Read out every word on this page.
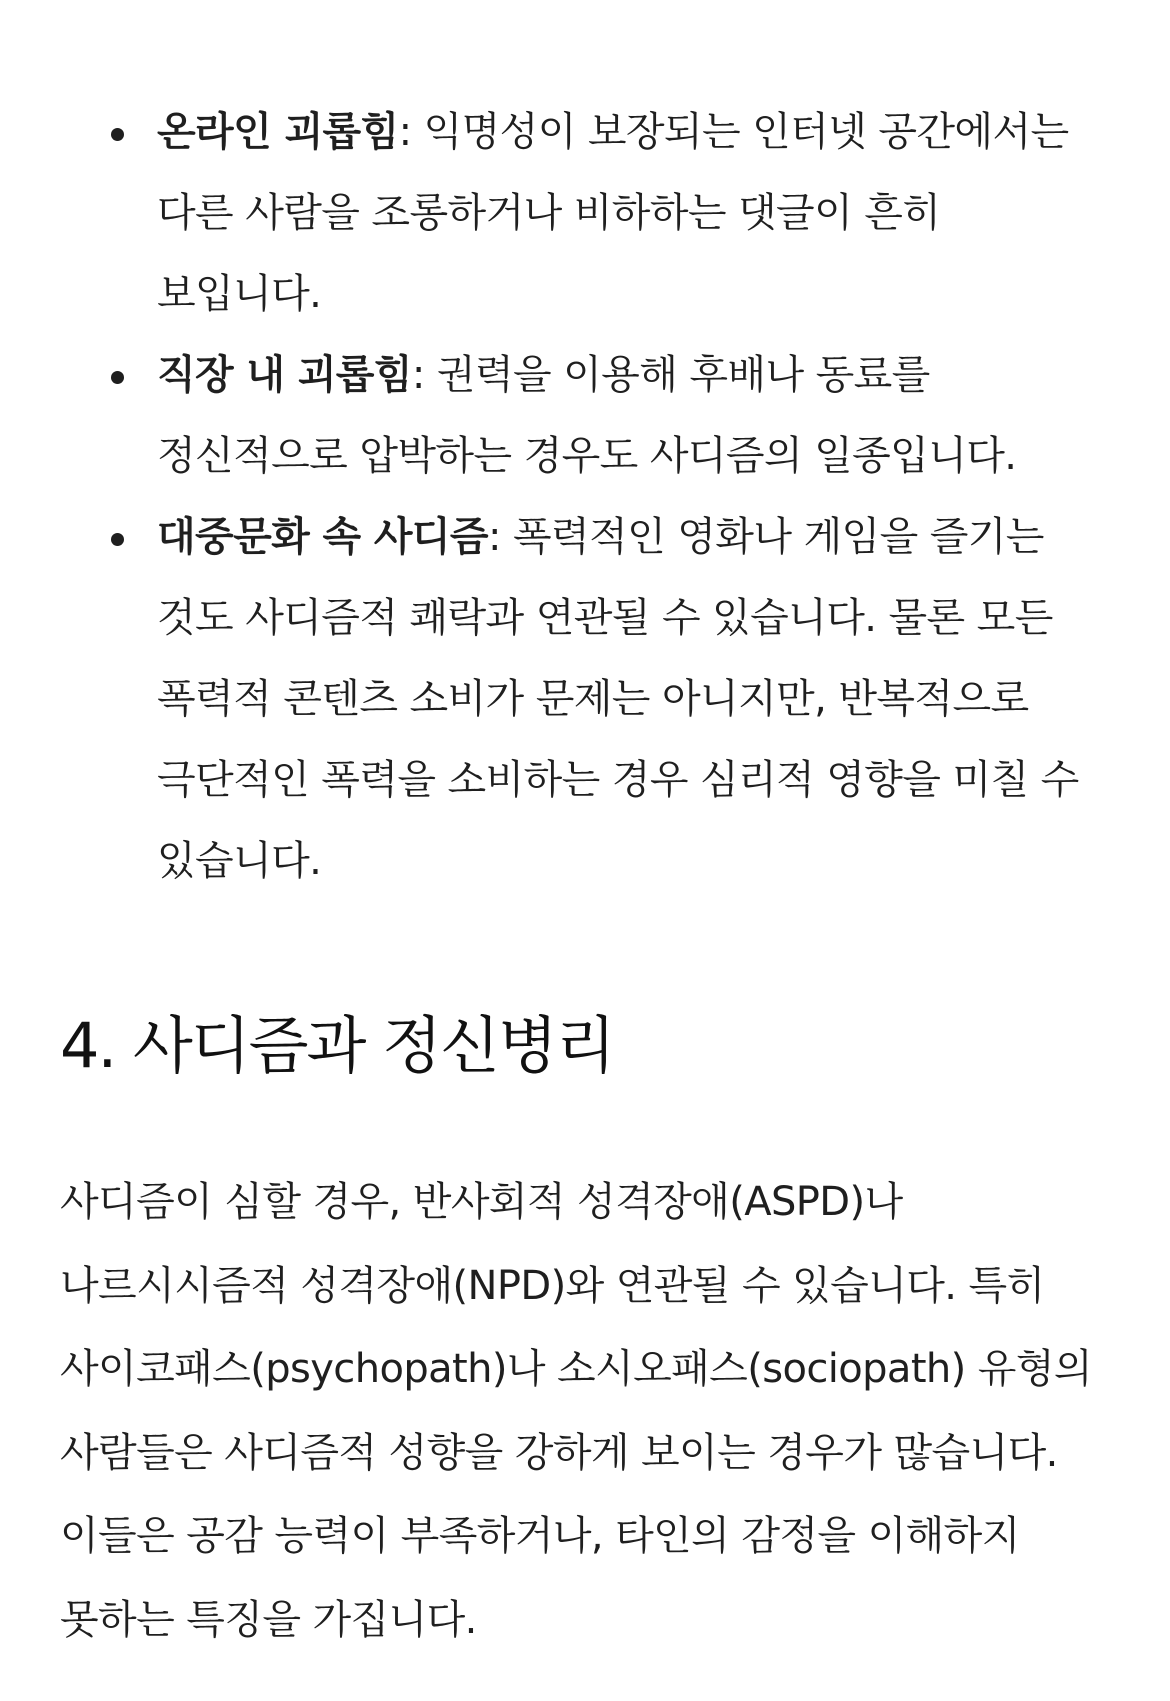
온라인 괴롭힘: 익명성이 보장되는 인터넷 공간에서는 다른 사람을 조롱하거나 비하하는 댓글이 흔히 보입니다.
직장 내 괴롭힘: 권력을 이용해 후배나 동료를 정신적으로 압박하는 경우도 사디즘의 일종입니다.
대중문화 속 사디즘: 폭력적인 영화나 게임을 즐기는 것도 사디즘적 쾌락과 연관될 수 있습니다. 물론 모든 폭력적 콘텐츠 소비가 문제는 아니지만, 반복적으로 극단적인 폭력을 소비하는 경우 심리적 영향을 미칠 수 있습니다.
4. 사디즘과 정신병리

사디즘이 심할 경우, 반사회적 성격장애(ASPD)나 나르시시즘적 성격장애(NPD)와 연관될 수 있습니다. 특히 사이코패스(psychopath)나 소시오패스(sociopath) 유형의 사람들은 사디즘적 성향을 강하게 보이는 경우가 많습니다. 이들은 공감 능력이 부족하거나, 타인의 감정을 이해하지 못하는 특징을 가집니다.
